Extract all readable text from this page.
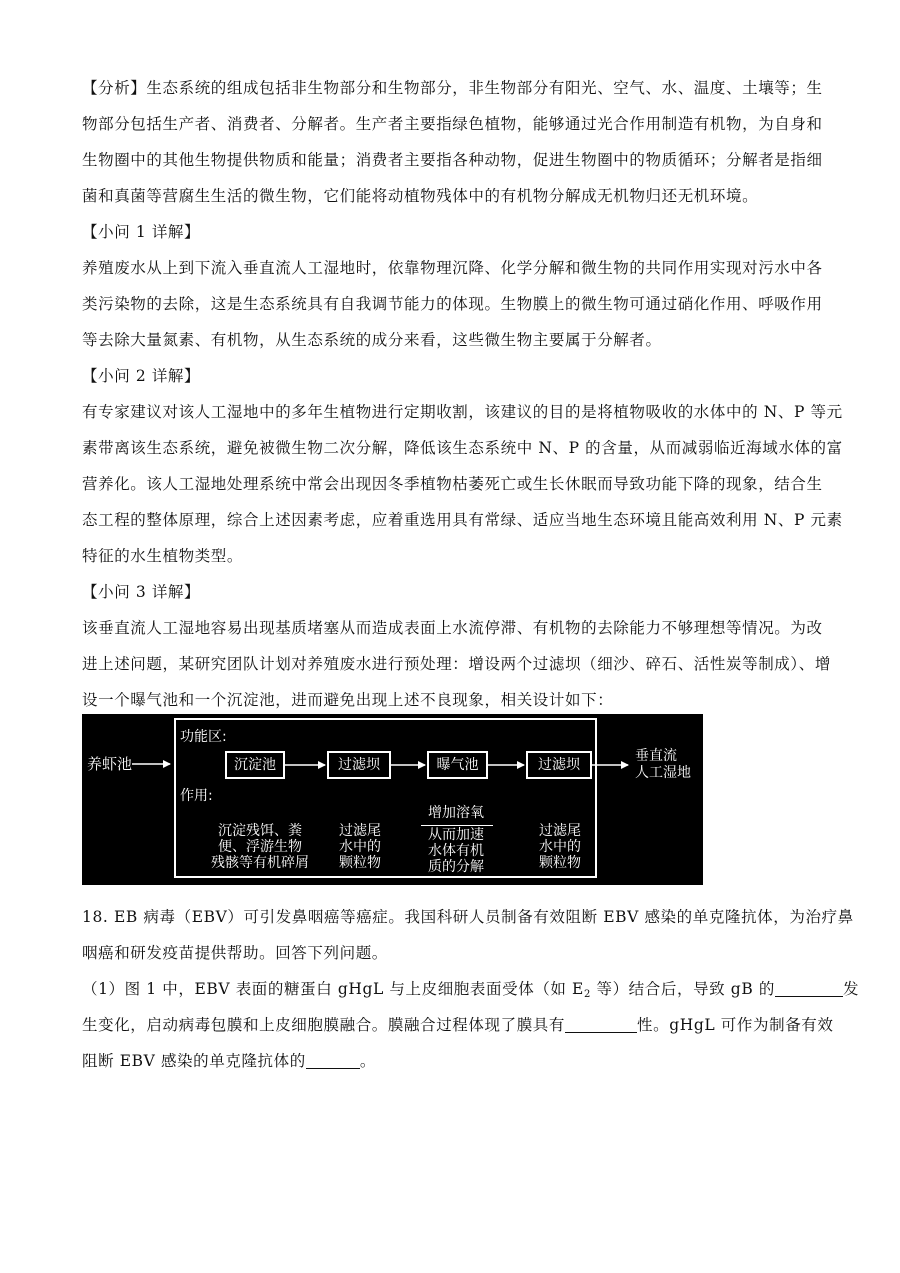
【分析】生态系统的组成包括非生物部分和生物部分，非生物部分有阳光、空气、水、温度、土壤等；生
物部分包括生产者、消费者、分解者。生产者主要指绿色植物，能够通过光合作用制造有机物，为自身和
生物圈中的其他生物提供物质和能量；消费者主要指各种动物，促进生物圈中的物质循环；分解者是指细
菌和真菌等营腐生生活的微生物，它们能将动植物残体中的有机物分解成无机物归还无机环境。
【小问 1 详解】
养殖废水从上到下流入垂直流人工湿地时，依靠物理沉降、化学分解和微生物的共同作用实现对污水中各
类污染物的去除，这是生态系统具有自我调节能力的体现。生物膜上的微生物可通过硝化作用、呼吸作用
等去除大量氮素、有机物，从生态系统的成分来看，这些微生物主要属于分解者。
【小问 2 详解】
有专家建议对该人工湿地中的多年生植物进行定期收割，该建议的目的是将植物吸收的水体中的 N、P 等元
素带离该生态系统，避免被微生物二次分解，降低该生态系统中 N、P 的含量，从而减弱临近海域水体的富
营养化。该人工湿地处理系统中常会出现因冬季植物枯萎死亡或生长休眠而导致功能下降的现象，结合生
态工程的整体原理，综合上述因素考虑，应着重选用具有常绿、适应当地生态环境且能高效利用 N、P 元素
特征的水生植物类型。
【小问 3 详解】
该垂直流人工湿地容易出现基质堵塞从而造成表面上水流停滞、有机物的去除能力不够理想等情况。为改
进上述问题，某研究团队计划对养殖废水进行预处理：增设两个过滤坝（细沙、碎石、活性炭等制成）、增
设一个曝气池和一个沉淀池，进而避免出现上述不良现象，相关设计如下：
养虾池
功能区:
作用:
沉淀池	过滤坝	曝气池	过滤坝
垂直流
人工湿地
沉淀残饵、粪
便、浮游生物
残骸等有机碎屑
过滤尾
水中的
颗粒物
增加溶氧
从而加速
水体有机
质的分解
过滤尾
水中的
颗粒物
18. EB 病毒（EBV）可引发鼻咽癌等癌症。我国科研人员制备有效阻断 EBV 感染的单克隆抗体，为治疗鼻
咽癌和研发疫苗提供帮助。回答下列问题。
（1）图 1 中，EBV 表面的糖蛋白 gHgL 与上皮细胞表面受体（如 $E_2$ 等）结合后，导致 gB 的	发
生变化，启动病毒包膜和上皮细胞膜融合。膜融合过程体现了膜具有	性。gHgL 可作为制备有效
阻断 EBV 感染的单克隆抗体的	。
